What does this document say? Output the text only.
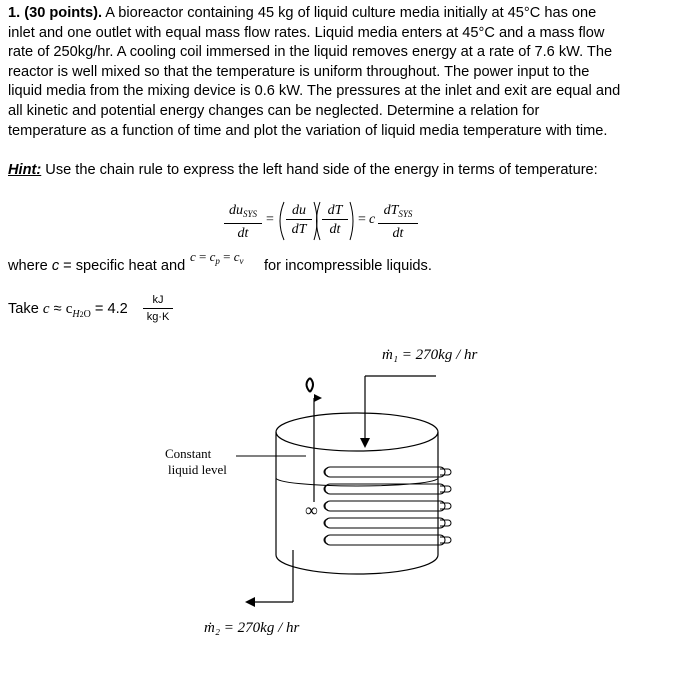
1. (30 points). A bioreactor containing 45 kg of liquid culture media initially at 45°C has one
inlet and one outlet with equal mass flow rates. Liquid media enters at 45°C and a mass flow
rate of 250kg/hr. A cooling coil immersed in the liquid removes energy at a rate of 7.6 kW. The
reactor is well mixed so that the temperature is uniform throughout. The power input to the
liquid media from the mixing device is 0.6 kW. The pressures at the inlet and exit are equal and
all kinetic and potential energy changes can be neglected. Determine a relation for
temperature as a function of time and plot the variation of liquid media temperature with time.
Hint: Use the chain rule to express the left hand side of the energy in terms of temperature:
$du_{SYS}$
dt
= $\frac{du}{dT} \frac{dT}{dt} = c$
$dT_{SYS}$
dt
$c = c_p = c_v$
where c = specific heat and	for incompressible liquids.
Take $c \approx c_{H2O} = 4.2 \frac{kJ}{kg\cdot K}$
∞
ṁ₁ = 270kg / hr
ṁ₂ = 270kg / hr
Constant
liquid level
